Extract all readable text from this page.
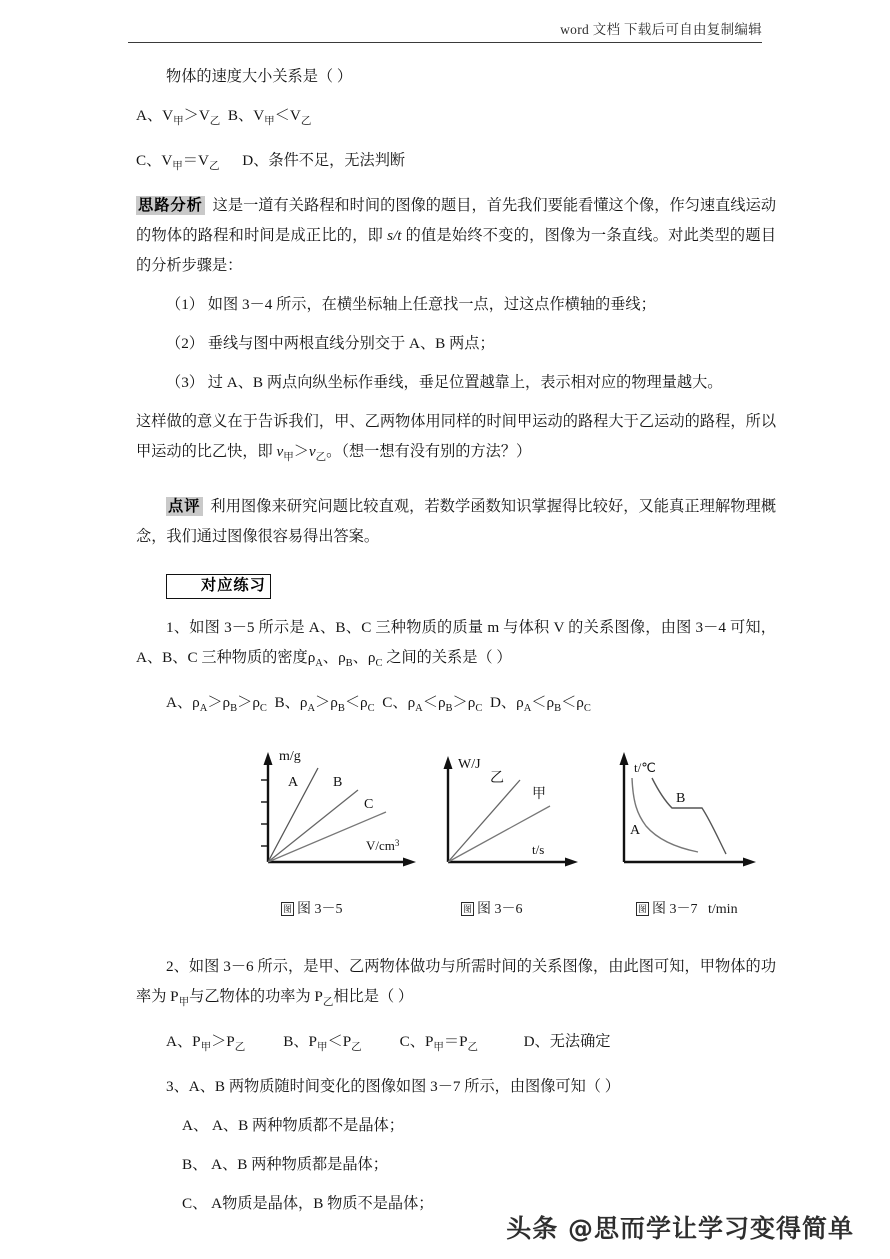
word 文档 下载后可自由复制编辑

物体的速度大小关系是（ ）

A、$V_甲>V_乙$ B、$V_甲<V_乙$

C、$V_甲=V_乙$ D、条件不足，无法判断

思路分析 这是一道有关路程和时间的图像的题目，首先我们要能看懂这个像，作匀速直线运动的物体的路程和时间是成正比的，即 s/t 的值是始终不变的，图像为一条直线。对此类型的题目的分析步骤是：

（1） 如图 3－4 所示，在横坐标轴上任意找一点，过这点作横轴的垂线；

（2） 垂线与图中两根直线分别交于 A、B 两点；

（3） 过 A、B 两点向纵坐标作垂线，垂足位置越靠上，表示相对应的物理量越大。

这样做的意义在于告诉我们，甲、乙两物体用同样的时间甲运动的路程大于乙运动的路程，所以甲运动的比乙快，即 $v_甲>v_乙$。（想一想有没有别的方法？）

点评 利用图像来研究问题比较直观，若数学函数知识掌握得比较好，又能真正理解物理概念，我们通过图像很容易得出答案。

对应练习

1、如图 3－5 所示是 A、B、C 三种物质的质量 m 与体积 V 的关系图像，由图 3－4 可知，A、B、C 三种物质的密度$\rho_A$、$\rho_B$、$\rho_C$ 之间的关系是（ ）

A、$\rho_A>\rho_B>\rho_C$ B、$\rho_A>\rho_B<\rho_C$ C、$\rho_A<\rho_B>\rho_C$ D、$\rho_A<\rho_B<\rho_C$

m/g
A B
C
$V/cm^3$
W/J
乙
甲
t/s
t/℃
B
A
图 图 3－5	图 图 3－6	图 图 3－7 t/min

2、如图 3－6 所示，是甲、乙两物体做功与所需时间的关系图像，由此图可知，甲物体的功率为 $P_甲$与乙物体的功率为 $P_乙$相比是（ ）

A、$P_甲>P_乙$ B、$P_甲<P_乙$ C、$P_甲=P_乙$	D、无法确定

3、A、B 两物质随时间变化的图像如图 3－7 所示，由图像可知（ ）

A、 A、B 两种物质都不是晶体；

B、 A、B 两种物质都是晶体；

C、 A物质是晶体，B 物质不是晶体；

头条 @思而学让学习变得简单
